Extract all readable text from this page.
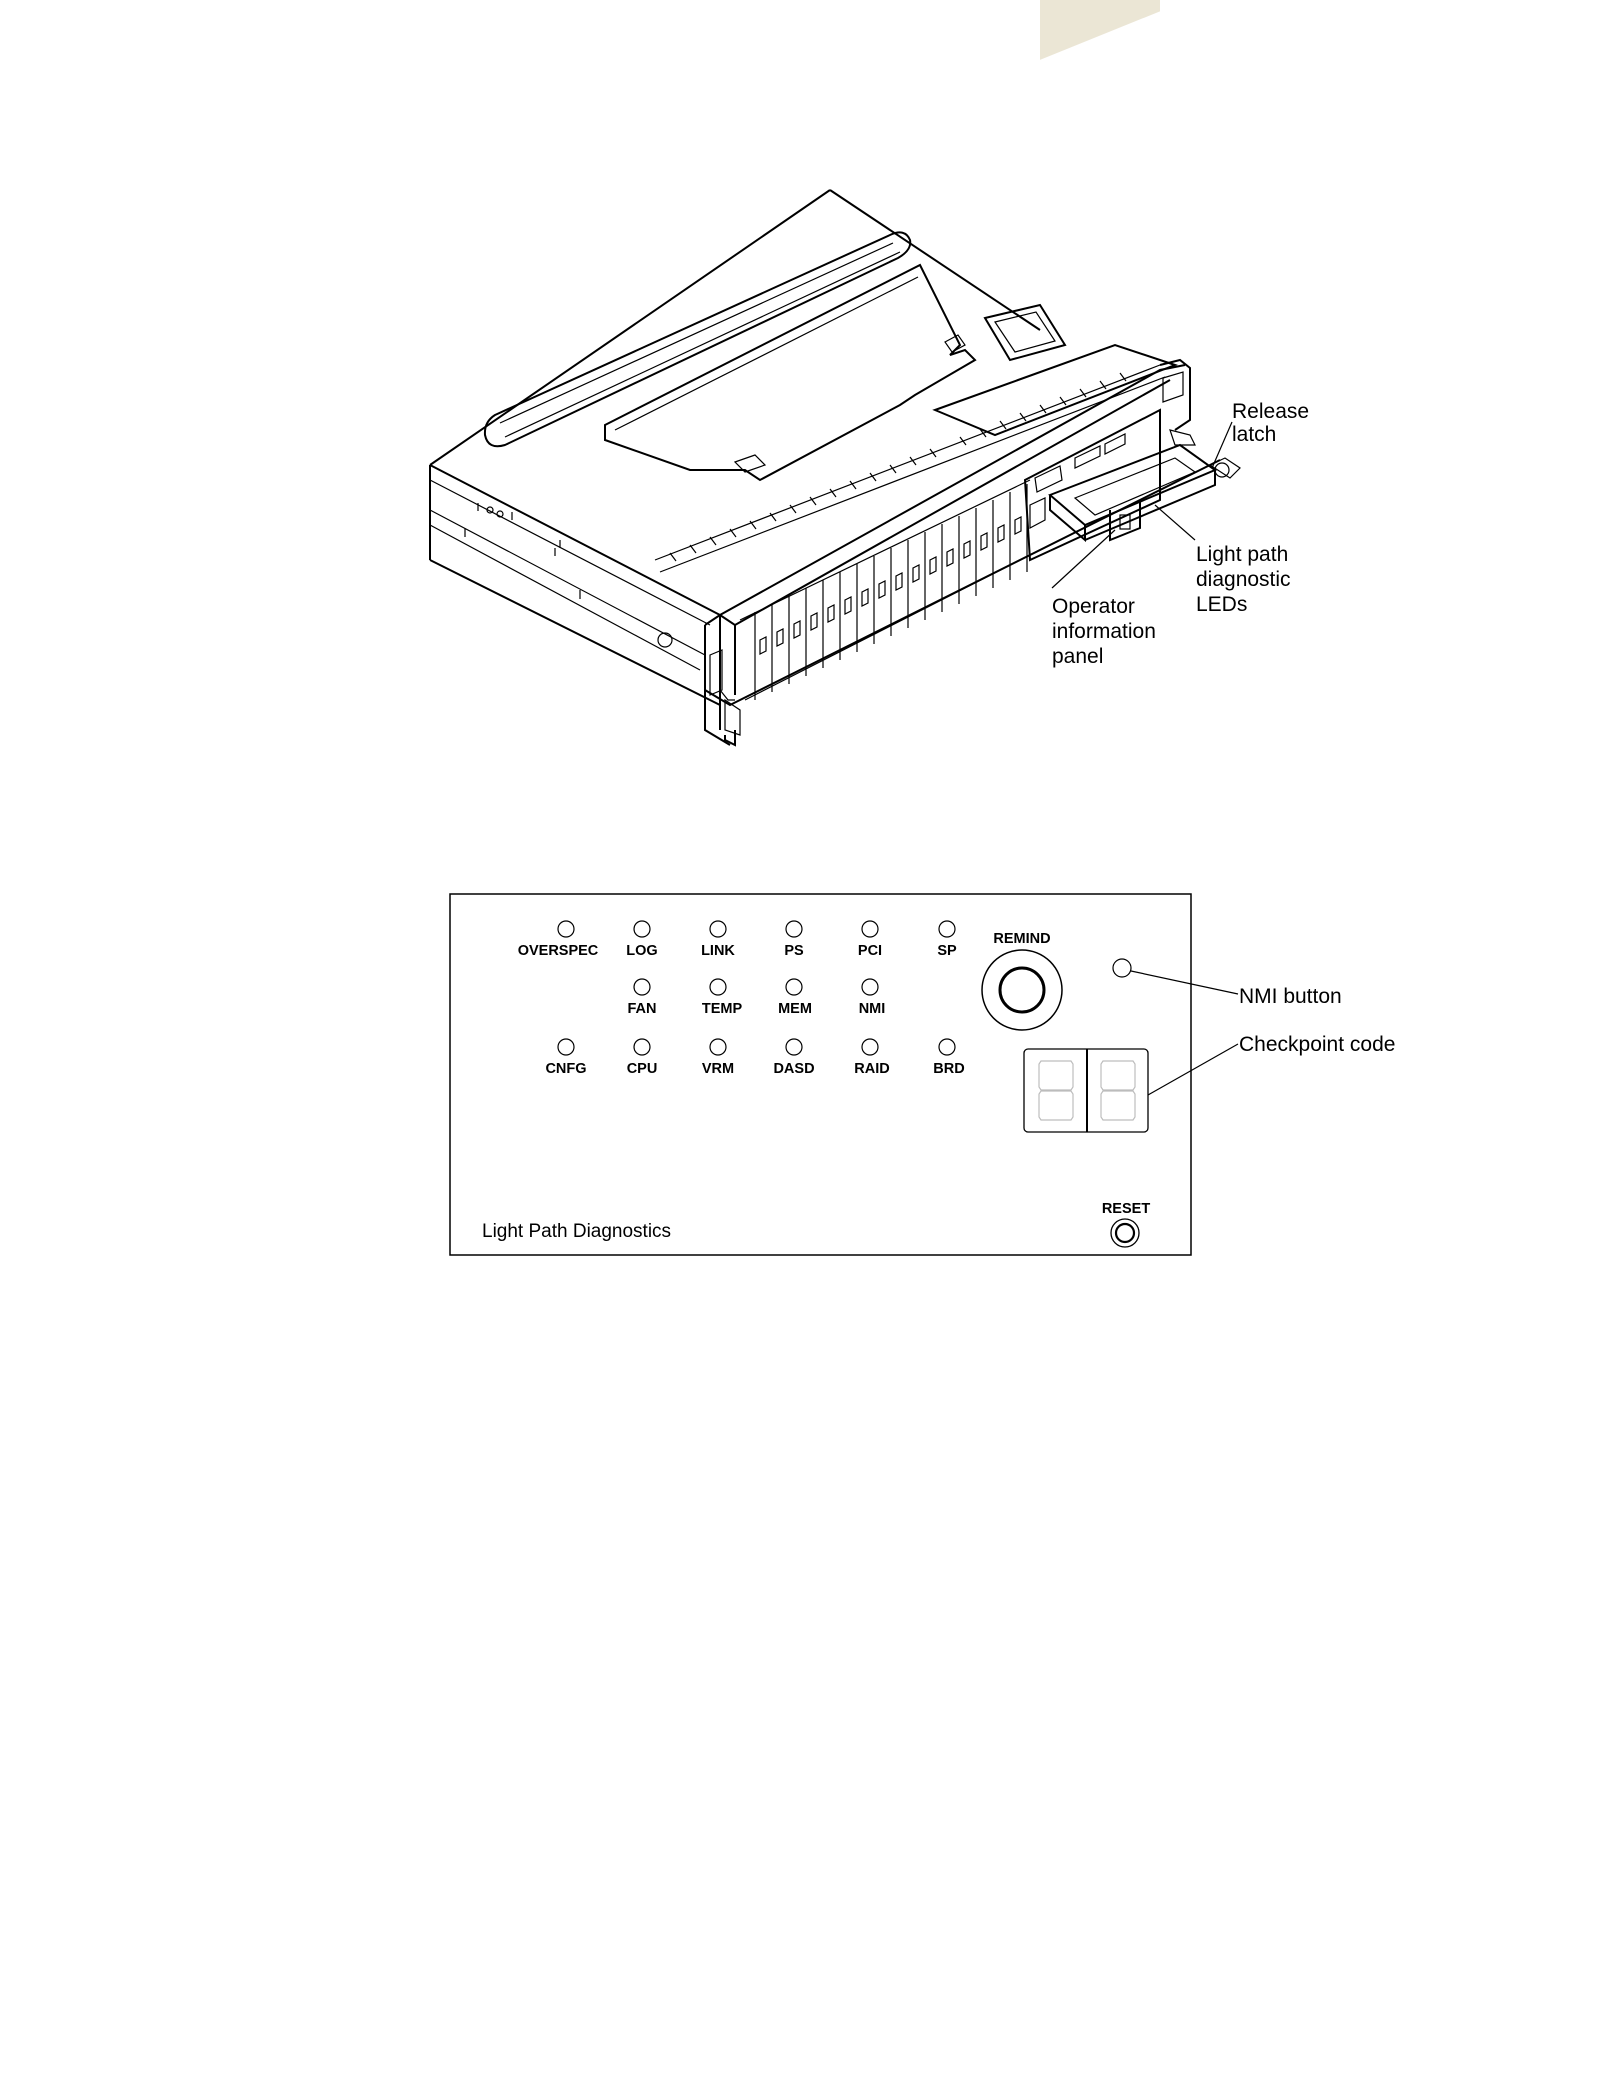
Release latch
Light path diagnostic LEDs
Operator information panel
OVERSPEC LOG	LINK	PS	PCI	SP
FAN	TEMP MEM	NMI
CNFG	CPU	VRM	DASD	RAID	BRD
REMIND
NMI button
Checkpoint code
RESET
Light Path Diagnostics
